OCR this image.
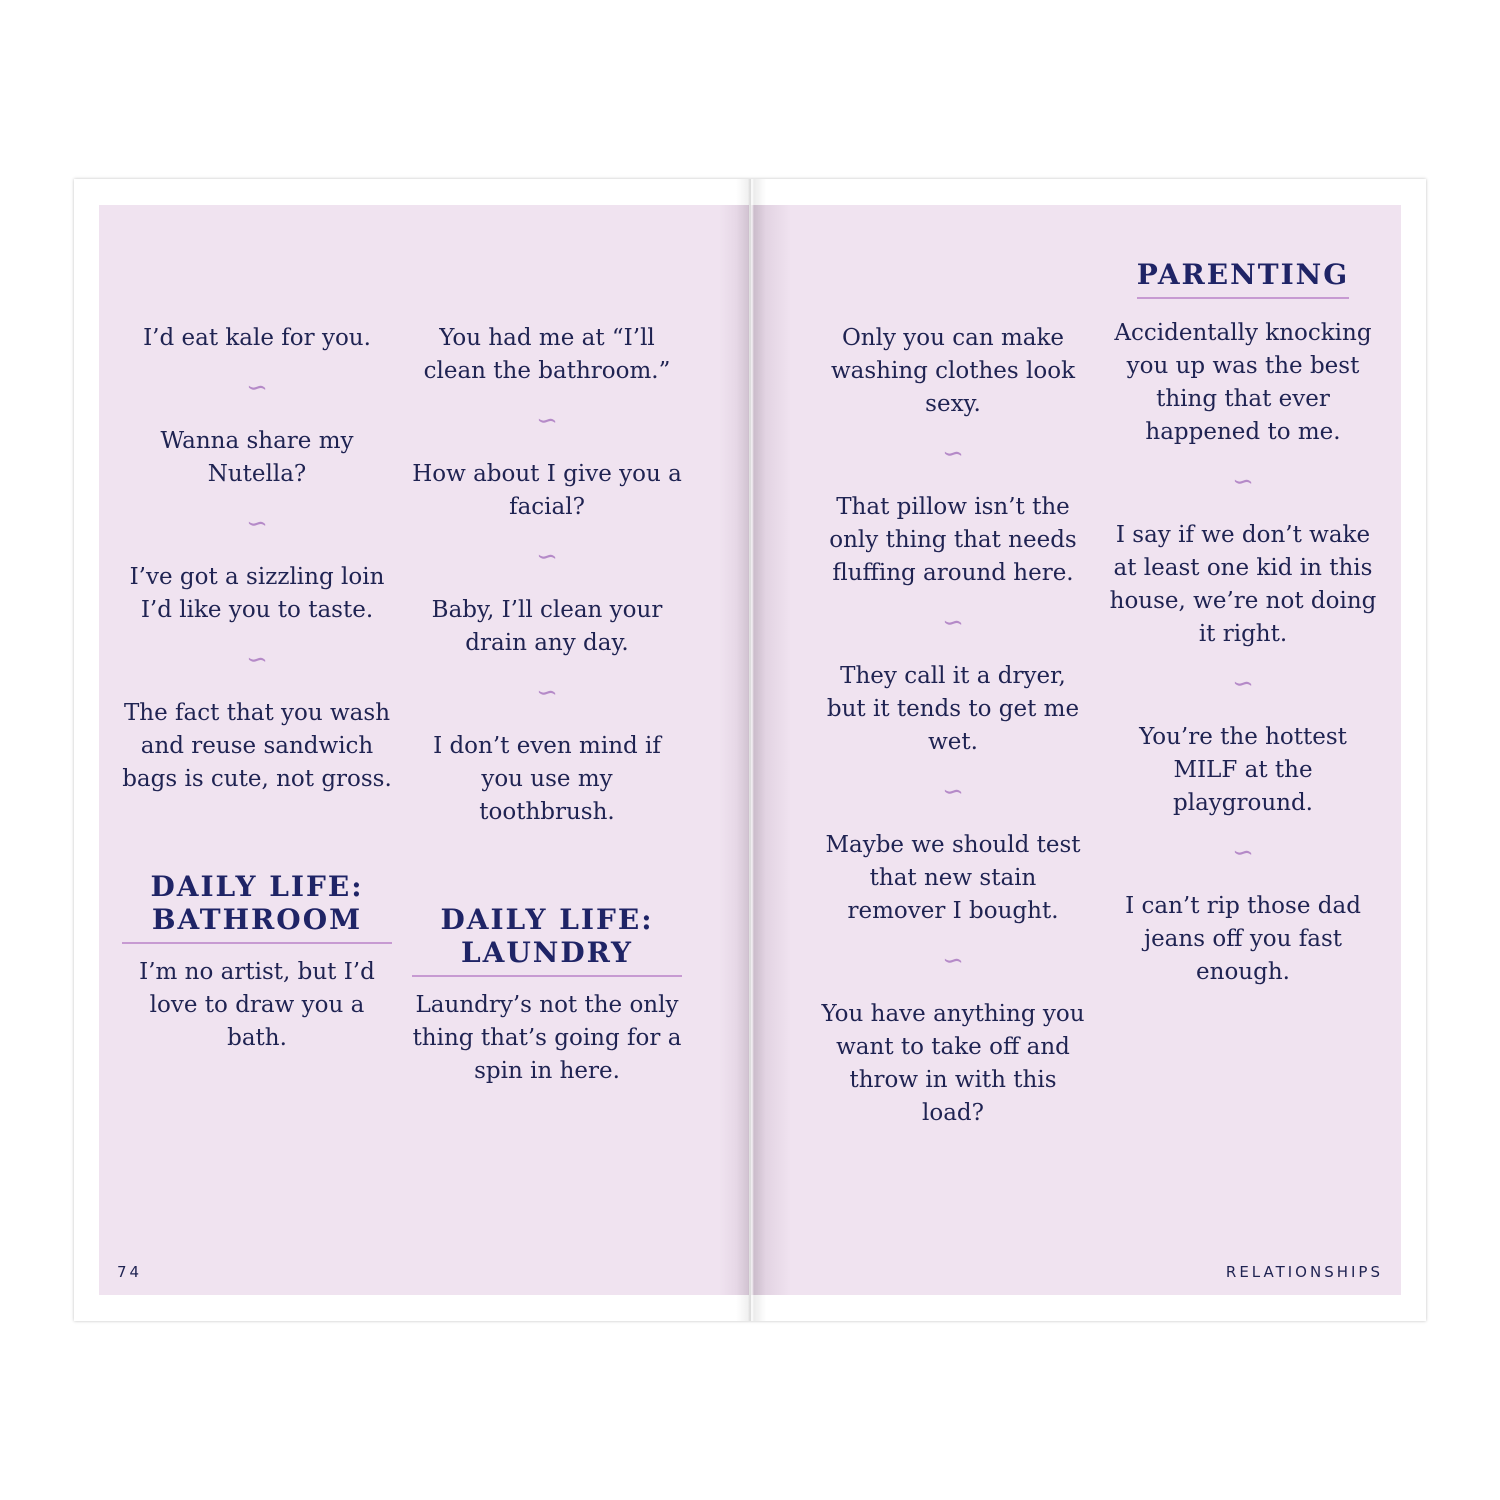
I’d eat kale for you.

∽

Wanna share my Nutella?

∽

I’ve got a sizzling loin I’d like you to taste.

∽

The fact that you wash and reuse sandwich bags is cute, not gross.

DAILY LIFE: BATHROOM

I’m no artist, but I’d love to draw you a bath.

You had me at “I’ll clean the bathroom.”

∽

How about I give you a facial?

∽

Baby, I’ll clean your drain any day.

∽

I don’t even mind if you use my toothbrush.

DAILY LIFE: LAUNDRY

Laundry’s not the only thing that’s going for a spin in here.

Only you can make washing clothes look sexy.

∽

That pillow isn’t the only thing that needs fluffing around here.

∽

They call it a dryer, but it tends to get me wet.

∽

Maybe we should test that new stain remover I bought.

∽

You have anything you want to take off and throw in with this load?

PARENTING

Accidentally knocking you up was the best thing that ever happened to me.

∽

I say if we don’t wake at least one kid in this house, we’re not doing it right.

∽

You’re the hottest MILF at the playground.

∽

I can’t rip those dad jeans off you fast enough.

74	RELATIONSHIPS
